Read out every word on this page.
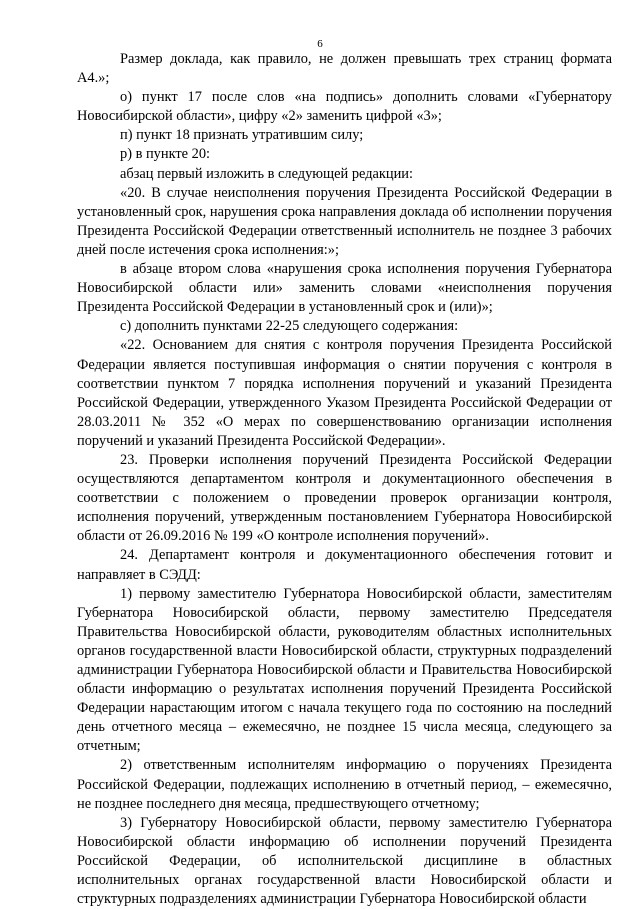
6

Размер доклада, как правило, не должен превышать трех страниц формата А4.»;

о) пункт 17 после слов «на подпись» дополнить словами «Губернатору Новосибирской области», цифру «2» заменить цифрой «3»;

п) пункт 18 признать утратившим силу;

р) в пункте 20:

абзац первый изложить в следующей редакции:

«20. В случае неисполнения поручения Президента Российской Федерации в установленный срок, нарушения срока направления доклада об исполнении поручения Президента Российской Федерации ответственный исполнитель не позднее 3 рабочих дней после истечения срока исполнения:»;

в абзаце втором слова «нарушения срока исполнения поручения Губернатора Новосибирской области или» заменить словами «неисполнения поручения Президента Российской Федерации в установленный срок и (или)»;

с) дополнить пунктами 22-25 следующего содержания:

«22. Основанием для снятия с контроля поручения Президента Российской Федерации является поступившая информация о снятии поручения с контроля в соответствии пунктом 7 порядка исполнения поручений и указаний Президента Российской Федерации, утвержденного Указом Президента Российской Федерации от 28.03.2011 № 352 «О мерах по совершенствованию организации исполнения поручений и указаний Президента Российской Федерации».

23. Проверки исполнения поручений Президента Российской Федерации осуществляются департаментом контроля и документационного обеспечения в соответствии с положением о проведении проверок организации контроля, исполнения поручений, утвержденным постановлением Губернатора Новосибирской области от 26.09.2016 № 199 «О контроле исполнения поручений».

24. Департамент контроля и документационного обеспечения готовит и направляет в СЭДД:

1) первому заместителю Губернатора Новосибирской области, заместителям Губернатора Новосибирской области, первому заместителю Председателя Правительства Новосибирской области, руководителям областных исполнительных органов государственной власти Новосибирской области, структурных подразделений администрации Губернатора Новосибирской области и Правительства Новосибирской области информацию о результатах исполнения поручений Президента Российской Федерации нарастающим итогом с начала текущего года по состоянию на последний день отчетного месяца – ежемесячно, не позднее 15 числа месяца, следующего за отчетным;

2) ответственным исполнителям информацию о поручениях Президента Российской Федерации, подлежащих исполнению в отчетный период, – ежемесячно, не позднее последнего дня месяца, предшествующего отчетному;

3) Губернатору Новосибирской области, первому заместителю Губернатора Новосибирской области информацию об исполнении поручений Президента Российской Федерации, об исполнительской дисциплине в областных исполнительных органах государственной власти Новосибирской области и структурных подразделениях администрации Губернатора Новосибирской области
